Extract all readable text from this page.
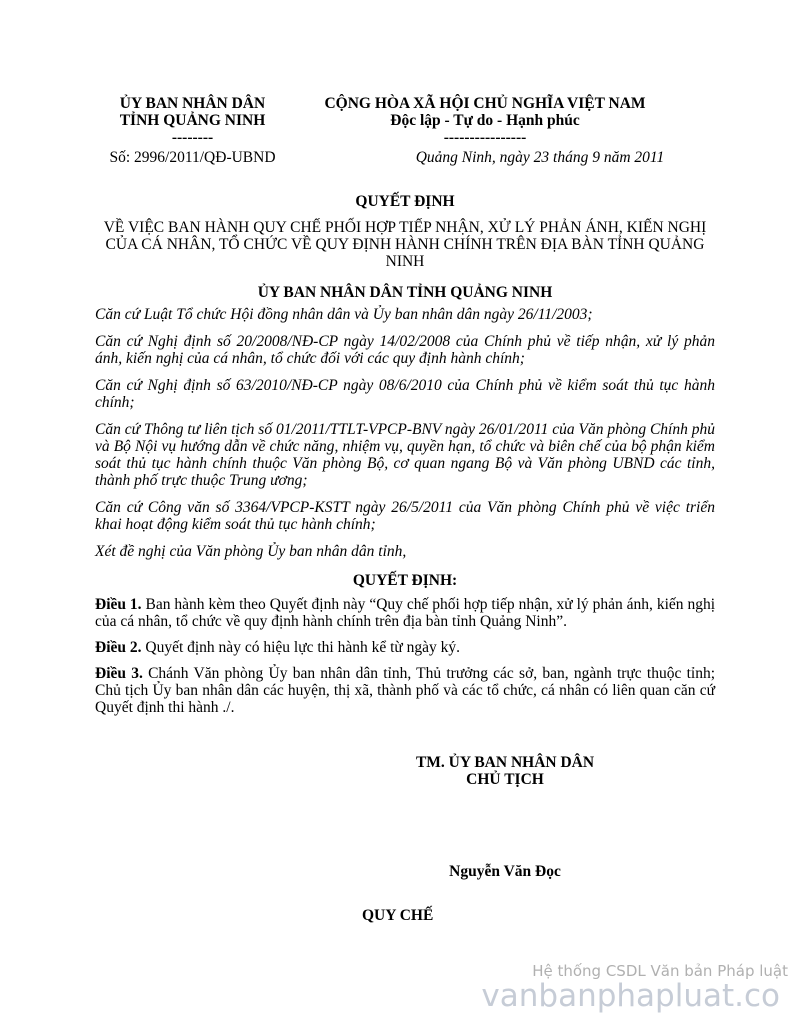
ỦY BAN NHÂN DÂN
TỈNH QUẢNG NINH
--------
Số: 2996/2011/QĐ-UBND
CỘNG HÒA XÃ HỘI CHỦ NGHĨA VIỆT NAM
Độc lập - Tự do - Hạnh phúc
----------------
Quảng Ninh, ngày 23 tháng 9 năm 2011
QUYẾT ĐỊNH
VỀ VIỆC BAN HÀNH QUY CHẾ PHỐI HỢP TIẾP NHẬN, XỬ LÝ PHẢN ÁNH, KIẾN NGHỊ CỦA CÁ NHÂN, TỔ CHỨC VỀ QUY ĐỊNH HÀNH CHÍNH TRÊN ĐỊA BÀN TỈNH QUẢNG NINH
ỦY BAN NHÂN DÂN TỈNH QUẢNG NINH

Căn cứ Luật Tổ chức Hội đồng nhân dân và Ủy ban nhân dân ngày 26/11/2003;

Căn cứ Nghị định số 20/2008/NĐ-CP ngày 14/02/2008 của Chính phủ về tiếp nhận, xử lý phản ánh, kiến nghị của cá nhân, tổ chức đối với các quy định hành chính;

Căn cứ Nghị định số 63/2010/NĐ-CP ngày 08/6/2010 của Chính phủ về kiểm soát thủ tục hành chính;

Căn cứ Thông tư liên tịch số 01/2011/TTLT-VPCP-BNV ngày 26/01/2011 của Văn phòng Chính phủ và Bộ Nội vụ hướng dẫn về chức năng, nhiệm vụ, quyền hạn, tổ chức và biên chế của bộ phận kiểm soát thủ tục hành chính thuộc Văn phòng Bộ, cơ quan ngang Bộ và Văn phòng UBND các tỉnh, thành phố trực thuộc Trung ương;

Căn cứ Công văn số 3364/VPCP-KSTT ngày 26/5/2011 của Văn phòng Chính phủ về việc triển khai hoạt động kiểm soát thủ tục hành chính;

Xét đề nghị của Văn phòng Ủy ban nhân dân tỉnh,

QUYẾT ĐỊNH:

Điều 1. Ban hành kèm theo Quyết định này “Quy chế phối hợp tiếp nhận, xử lý phản ánh, kiến nghị của cá nhân, tổ chức về quy định hành chính trên địa bàn tỉnh Quảng Ninh”.

Điều 2. Quyết định này có hiệu lực thi hành kể từ ngày ký.

Điều 3. Chánh Văn phòng Ủy ban nhân dân tỉnh, Thủ trưởng các sở, ban, ngành trực thuộc tỉnh; Chủ tịch Ủy ban nhân dân các huyện, thị xã, thành phố và các tổ chức, cá nhân có liên quan căn cứ Quyết định thi hành ./.

TM. ỦY BAN NHÂN DÂN
CHỦ TỊCH
Nguyễn Văn Đọc
QUY CHẾ
Hệ thống CSDL Văn bản Pháp luật
vanbanphapluat.co
